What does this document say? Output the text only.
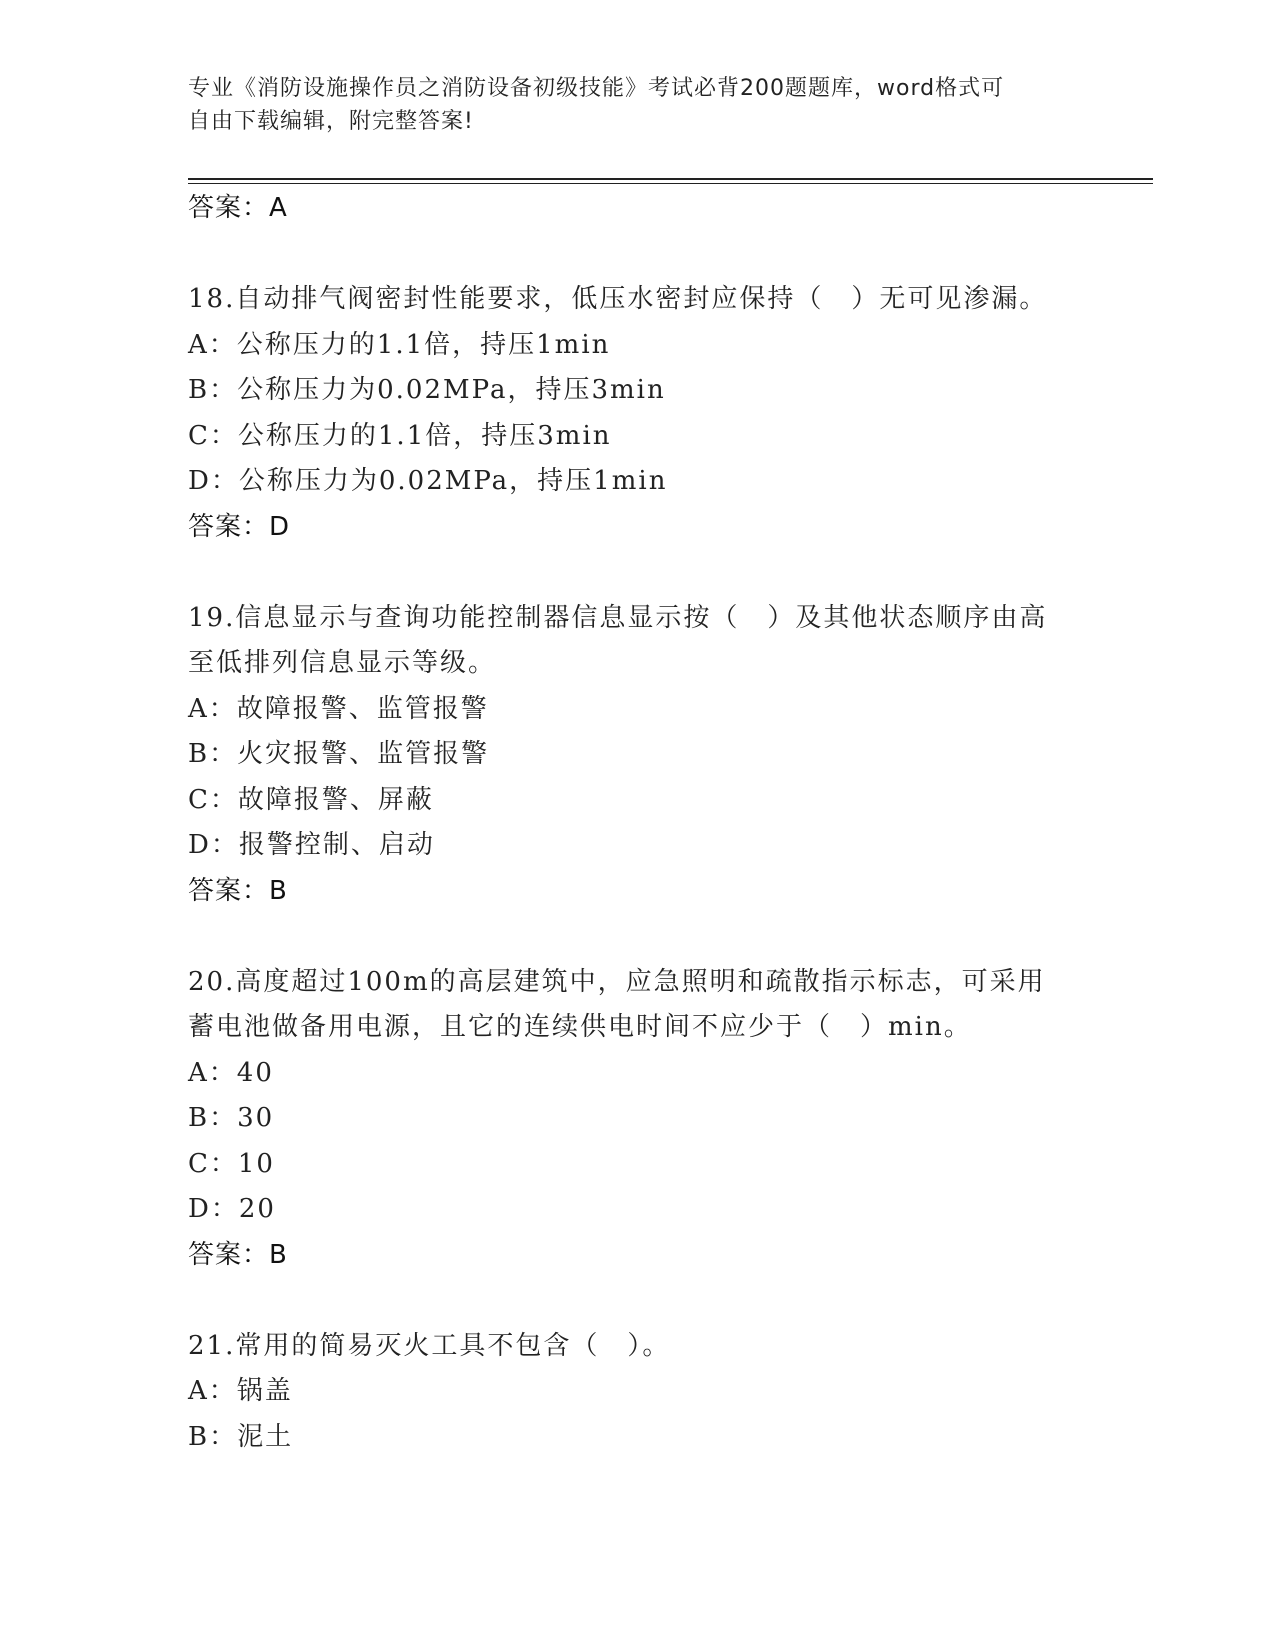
专业《消防设施操作员之消防设备初级技能》考试必背200题题库，word格式可
自由下载编辑，附完整答案!
答案：A
18.自动排气阀密封性能要求，低压水密封应保持（　）无可见渗漏。
A：公称压力的1.1倍，持压1min
B：公称压力为0.02MPa，持压3min
C：公称压力的1.1倍，持压3min
D：公称压力为0.02MPa，持压1min
答案：D
19.信息显示与查询功能控制器信息显示按（　）及其他状态顺序由高
至低排列信息显示等级。
A：故障报警、监管报警
B：火灾报警、监管报警
C：故障报警、屏蔽
D：报警控制、启动
答案：B
20.高度超过100m的高层建筑中，应急照明和疏散指示标志，可采用
蓄电池做备用电源，且它的连续供电时间不应少于（　）min。
A：40
B：30
C：10
D：20
答案：B
21.常用的简易灭火工具不包含（　）。
A：锅盖
B：泥土
